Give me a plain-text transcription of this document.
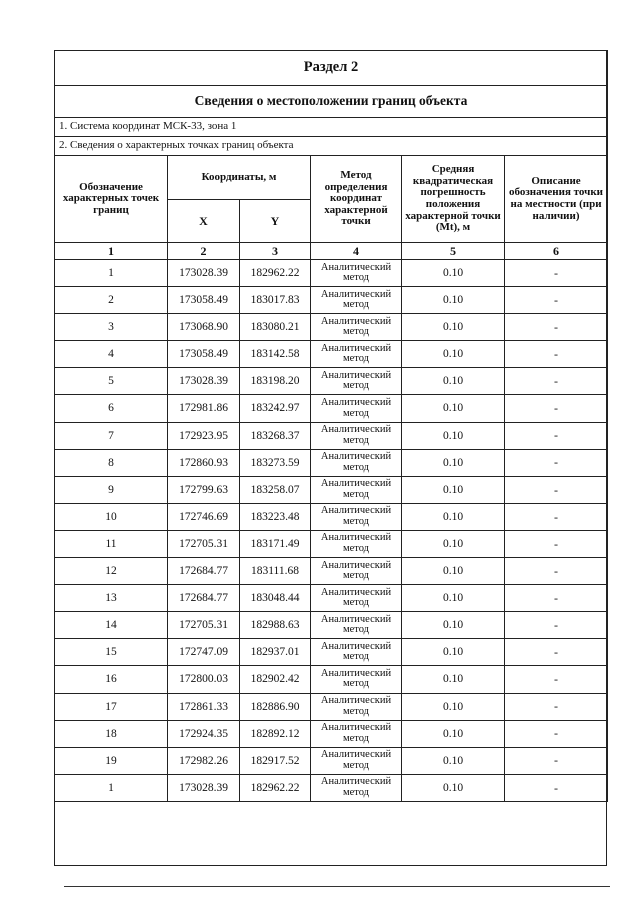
Раздел 2					
Сведения о местоположении границ объекта					
1. Система координат МСК-33, зона 1					
2. Сведения о характерных точках границ объекта					
Обозначение характерных точек границ	Координаты, м		Метод определения координат характерной точки	Средняя квадратическая погрешность положения характерной точки (Mt), м	Описание обозначения точки на местности (при наличии)
	X	Y			
1	2	3	4	5	6
1	173028.39	182962.22	Аналитический метод	0.10	-
2	173058.49	183017.83	Аналитический метод	0.10	-
3	173068.90	183080.21	Аналитический метод	0.10	-
4	173058.49	183142.58	Аналитический метод	0.10	-
5	173028.39	183198.20	Аналитический метод	0.10	-
6	172981.86	183242.97	Аналитический метод	0.10	-
7	172923.95	183268.37	Аналитический метод	0.10	-
8	172860.93	183273.59	Аналитический метод	0.10	-
9	172799.63	183258.07	Аналитический метод	0.10	-
10	172746.69	183223.48	Аналитический метод	0.10	-
11	172705.31	183171.49	Аналитический метод	0.10	-
12	172684.77	183111.68	Аналитический метод	0.10	-
13	172684.77	183048.44	Аналитический метод	0.10	-
14	172705.31	182988.63	Аналитический метод	0.10	-
15	172747.09	182937.01	Аналитический метод	0.10	-
16	172800.03	182902.42	Аналитический метод	0.10	-
17	172861.33	182886.90	Аналитический метод	0.10	-
18	172924.35	182892.12	Аналитический метод	0.10	-
19	172982.26	182917.52	Аналитический метод	0.10	-
1	173028.39	182962.22	Аналитический метод	0.10	-
